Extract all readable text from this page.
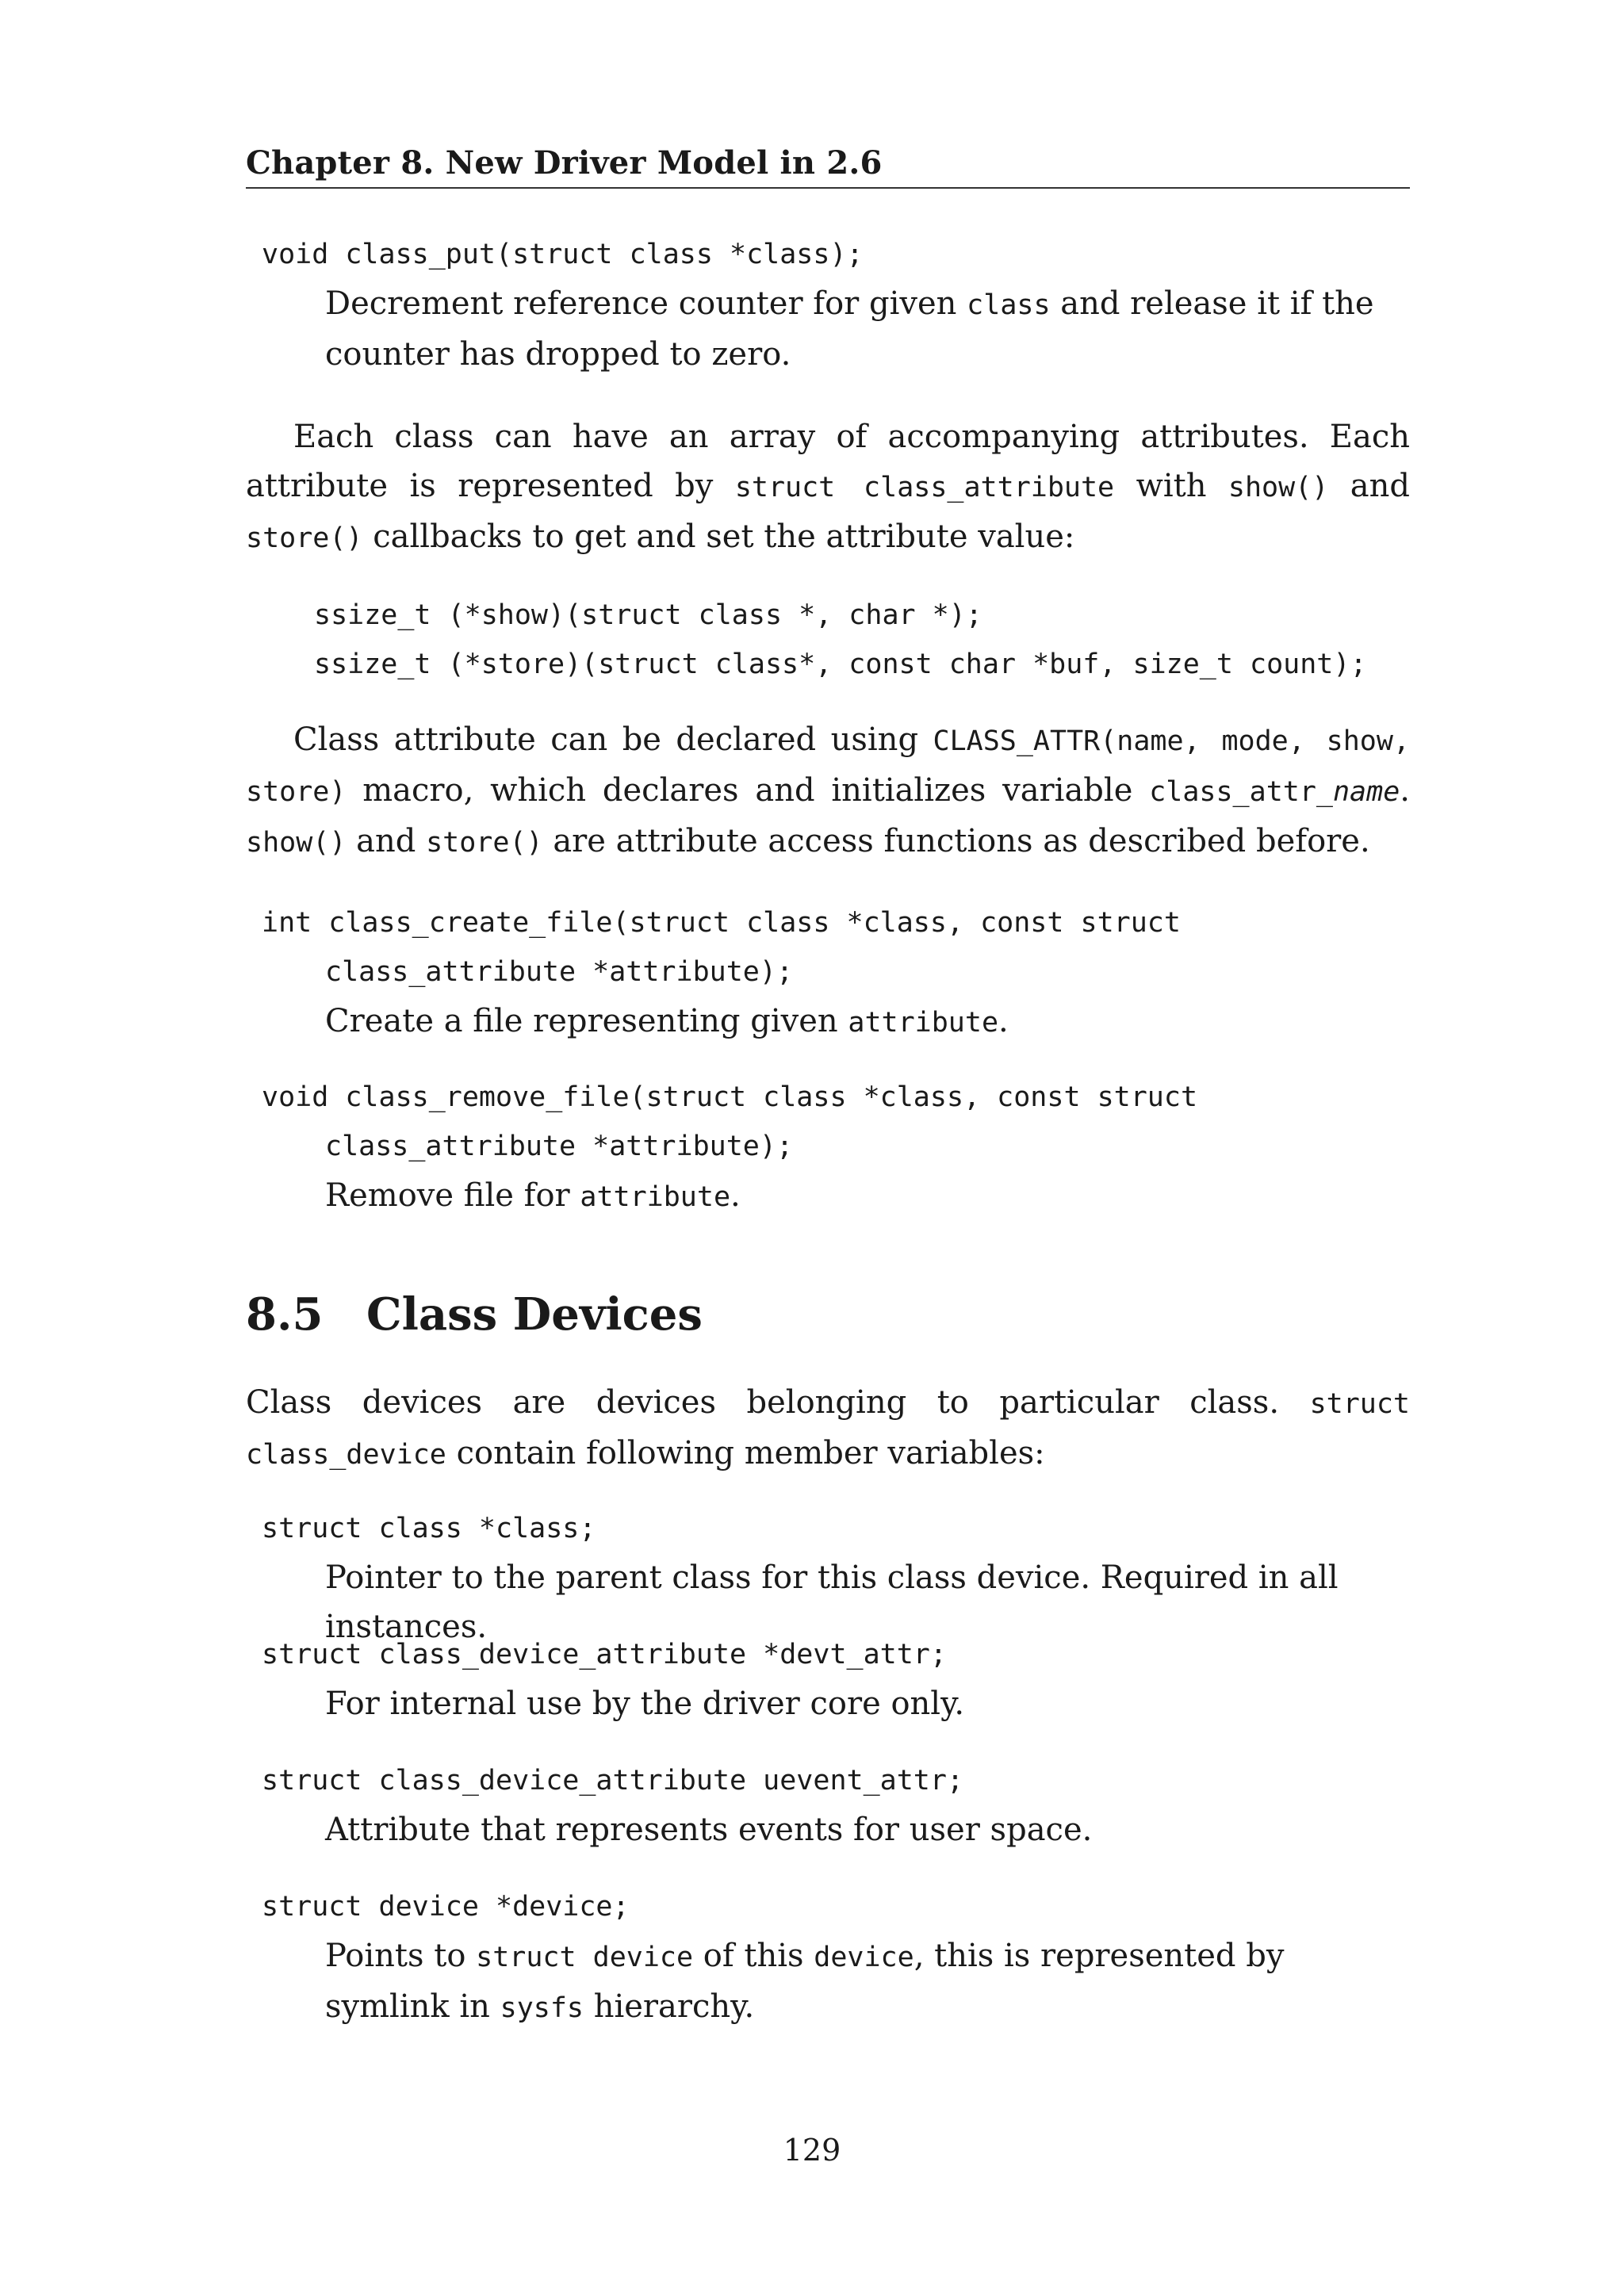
Chapter 8. New Driver Model in 2.6
void class_put(struct class *class);
Decrement reference counter for given class and release it if the counter has dropped to zero.
Each class can have an array of accompanying attributes. Each attribute is represented by struct class_attribute with show() and store() callbacks to get and set the attribute value:
ssize_t (*show)(struct class *, char *);
ssize_t (*store)(struct class*, const char *buf, size_t count);
Class attribute can be declared using CLASS_ATTR(name, mode, show, store) macro, which declares and initializes variable class_attr_name. show() and store() are attribute access functions as described before.
int class_create_file(struct class *class, const struct
class_attribute *attribute);
Create a file representing given attribute.
void class_remove_file(struct class *class, const struct
class_attribute *attribute);
Remove file for attribute.
8.5 Class Devices
Class devices are devices belonging to particular class. struct class_device contain following member variables:
struct class *class;
Pointer to the parent class for this class device. Required in all instances.
struct class_device_attribute *devt_attr;
For internal use by the driver core only.
struct class_device_attribute uevent_attr;
Attribute that represents events for user space.
struct device *device;
Points to struct device of this device, this is represented by symlink in sysfs hierarchy.
129
